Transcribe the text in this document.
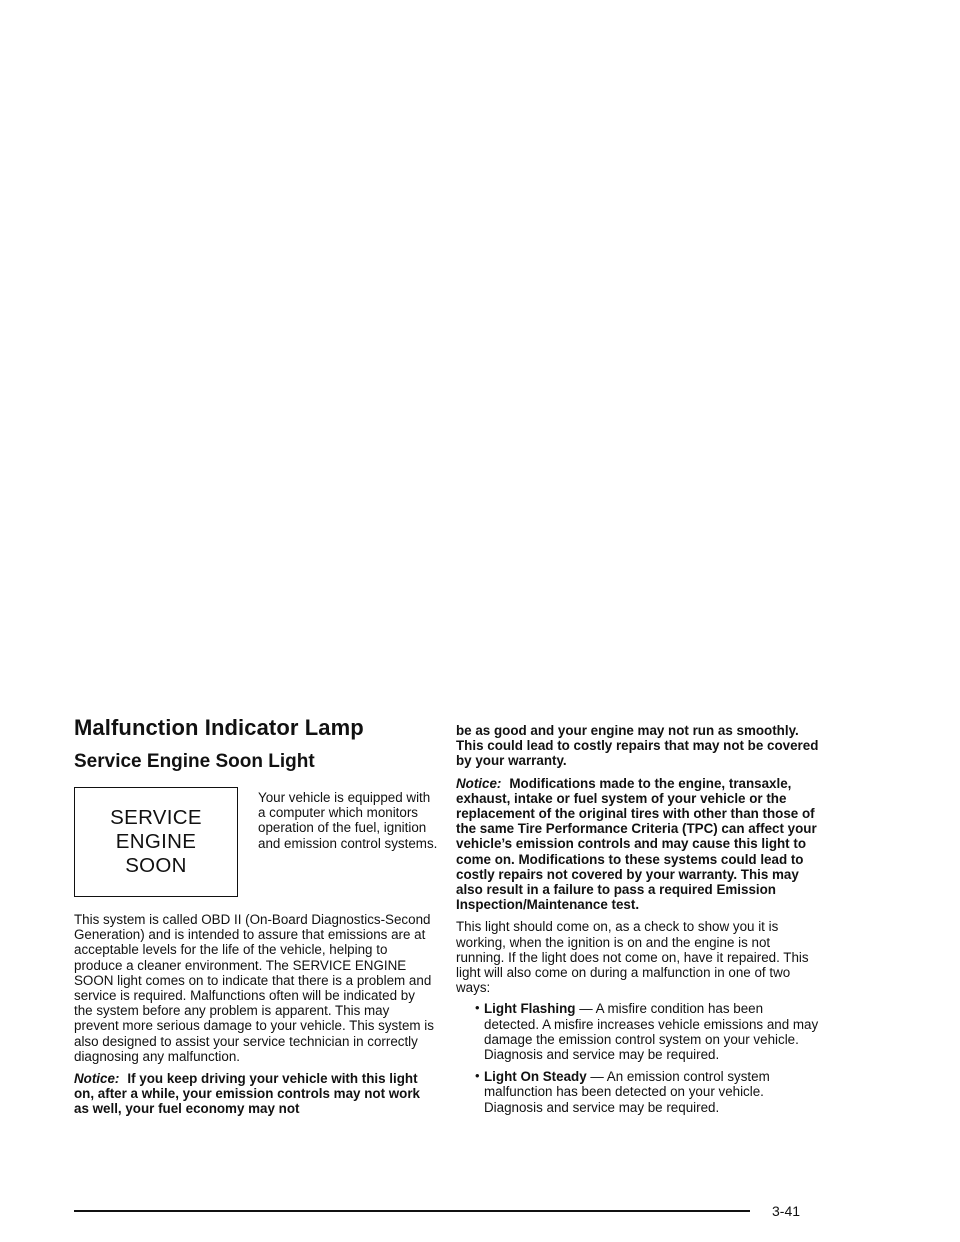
Malfunction Indicator Lamp
Service Engine Soon Light
SERVICE
ENGINE
SOON

Your vehicle is equipped with a computer which monitors operation of the fuel, ignition and emission control systems.

This system is called OBD II (On-Board Diagnostics-Second Generation) and is intended to assure that emissions are at acceptable levels for the life of the vehicle, helping to produce a cleaner environment. The SERVICE ENGINE SOON light comes on to indicate that there is a problem and service is required. Malfunctions often will be indicated by the system before any problem is apparent. This may prevent more serious damage to your vehicle. This system is also designed to assist your service technician in correctly diagnosing any malfunction.

Notice: If you keep driving your vehicle with this light on, after a while, your emission controls may not work as well, your fuel economy may not

be as good and your engine may not run as smoothly. This could lead to costly repairs that may not be covered by your warranty.

Notice: Modifications made to the engine, transaxle, exhaust, intake or fuel system of your vehicle or the replacement of the original tires with other than those of the same Tire Performance Criteria (TPC) can affect your vehicle’s emission controls and may cause this light to come on. Modifications to these systems could lead to costly repairs not covered by your warranty. This may also result in a failure to pass a required Emission Inspection/Maintenance test.

This light should come on, as a check to show you it is working, when the ignition is on and the engine is not running. If the light does not come on, have it repaired. This light will also come on during a malfunction in one of two ways:

• Light Flashing — A misfire condition has been detected. A misfire increases vehicle emissions and may damage the emission control system on your vehicle. Diagnosis and service may be required.
• Light On Steady — An emission control system malfunction has been detected on your vehicle. Diagnosis and service may be required.
3-41
